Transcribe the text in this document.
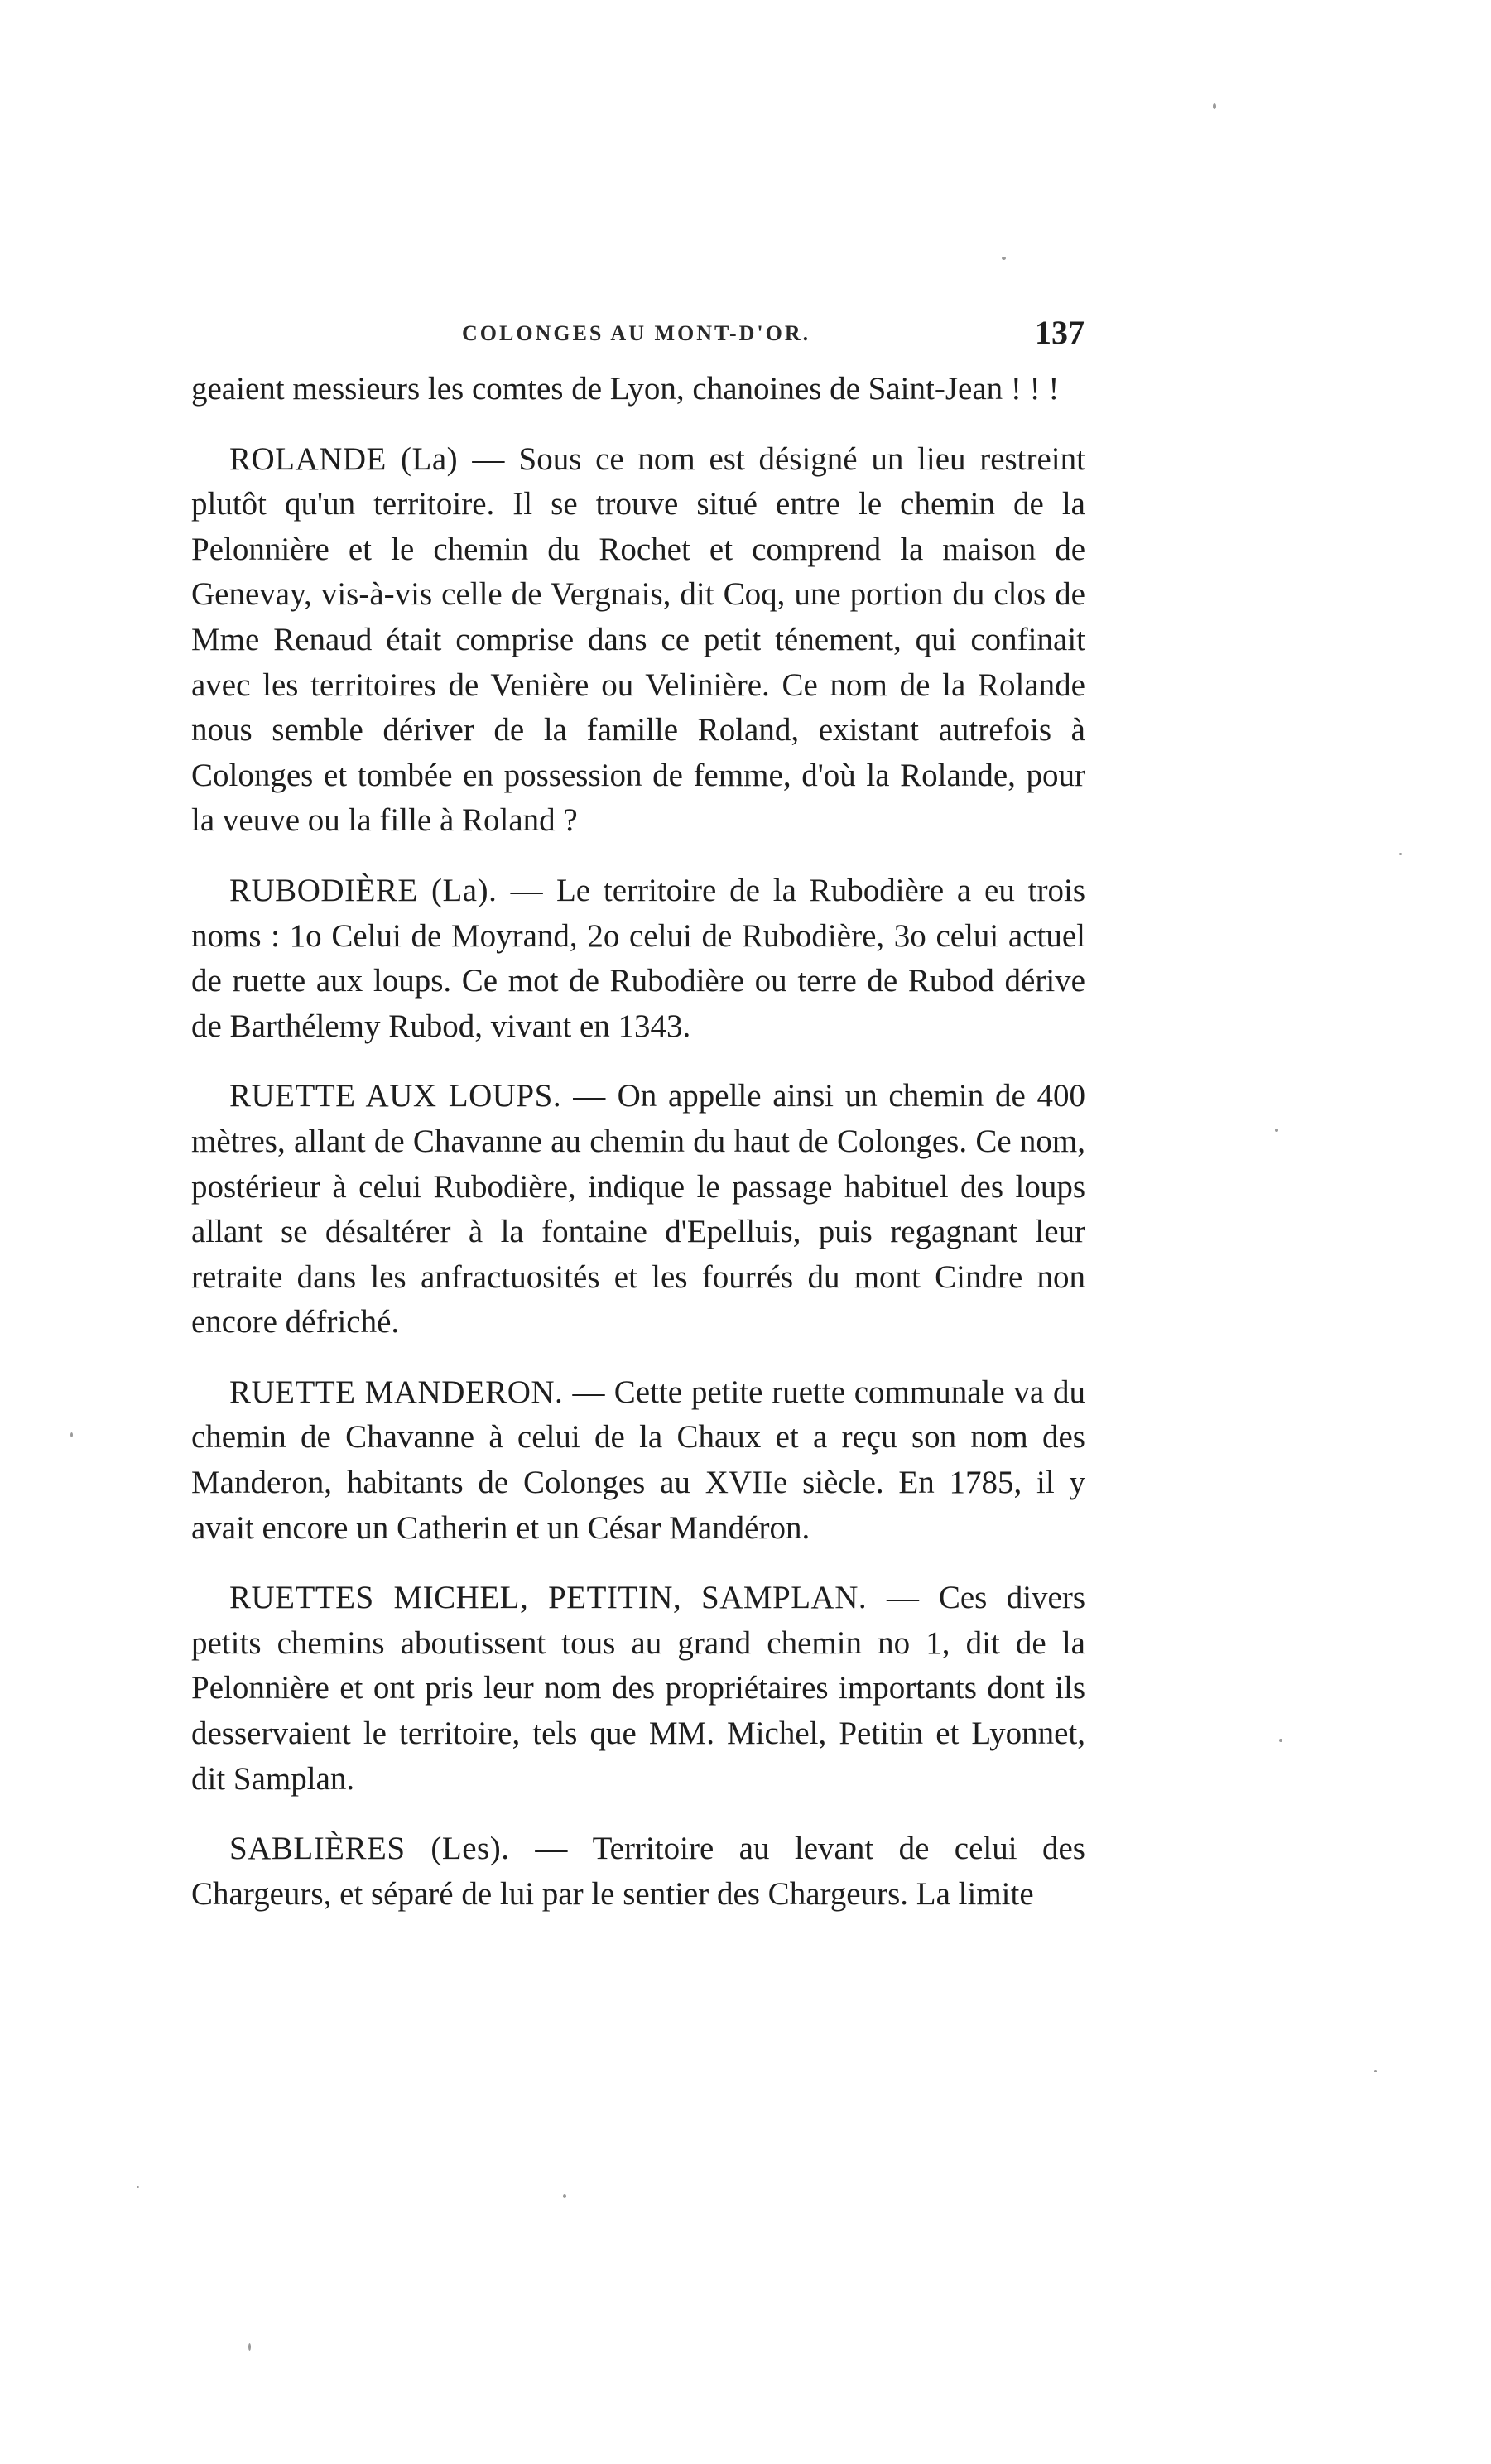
COLONGES AU MONT-D'OR.	137

geaient messieurs les comtes de Lyon, chanoines de Saint-Jean ! ! !

ROLANDE (La) — Sous ce nom est désigné un lieu restreint plutôt qu'un territoire. Il se trouve situé entre le chemin de la Pelonnière et le chemin du Rochet et comprend la maison de Genevay, vis-à-vis celle de Vergnais, dit Coq, une portion du clos de Mme Renaud était comprise dans ce petit ténement, qui confinait avec les territoires de Venière ou Velinière. Ce nom de la Rolande nous semble dériver de la famille Roland, existant autrefois à Colonges et tombée en possession de femme, d'où la Rolande, pour la veuve ou la fille à Roland ?

RUBODIÈRE (La). — Le territoire de la Rubodière a eu trois noms : 1o Celui de Moyrand, 2o celui de Rubodière, 3o celui actuel de ruette aux loups. Ce mot de Rubodière ou terre de Rubod dérive de Barthélemy Rubod, vivant en 1343.

RUETTE AUX LOUPS. — On appelle ainsi un chemin de 400 mètres, allant de Chavanne au chemin du haut de Colonges. Ce nom, postérieur à celui Rubodière, indique le passage habituel des loups allant se désaltérer à la fontaine d'Epelluis, puis regagnant leur retraite dans les anfractuosités et les fourrés du mont Cindre non encore défriché.

RUETTE MANDERON. — Cette petite ruette communale va du chemin de Chavanne à celui de la Chaux et a reçu son nom des Manderon, habitants de Colonges au XVIIe siècle. En 1785, il y avait encore un Catherin et un César Mandéron.

RUETTES MICHEL, PETITIN, SAMPLAN. — Ces divers petits chemins aboutissent tous au grand chemin no 1, dit de la Pelonnière et ont pris leur nom des propriétaires importants dont ils desservaient le territoire, tels que MM. Michel, Petitin et Lyonnet, dit Samplan.

SABLIÈRES (Les). — Territoire au levant de celui des Chargeurs, et séparé de lui par le sentier des Chargeurs. La limite
